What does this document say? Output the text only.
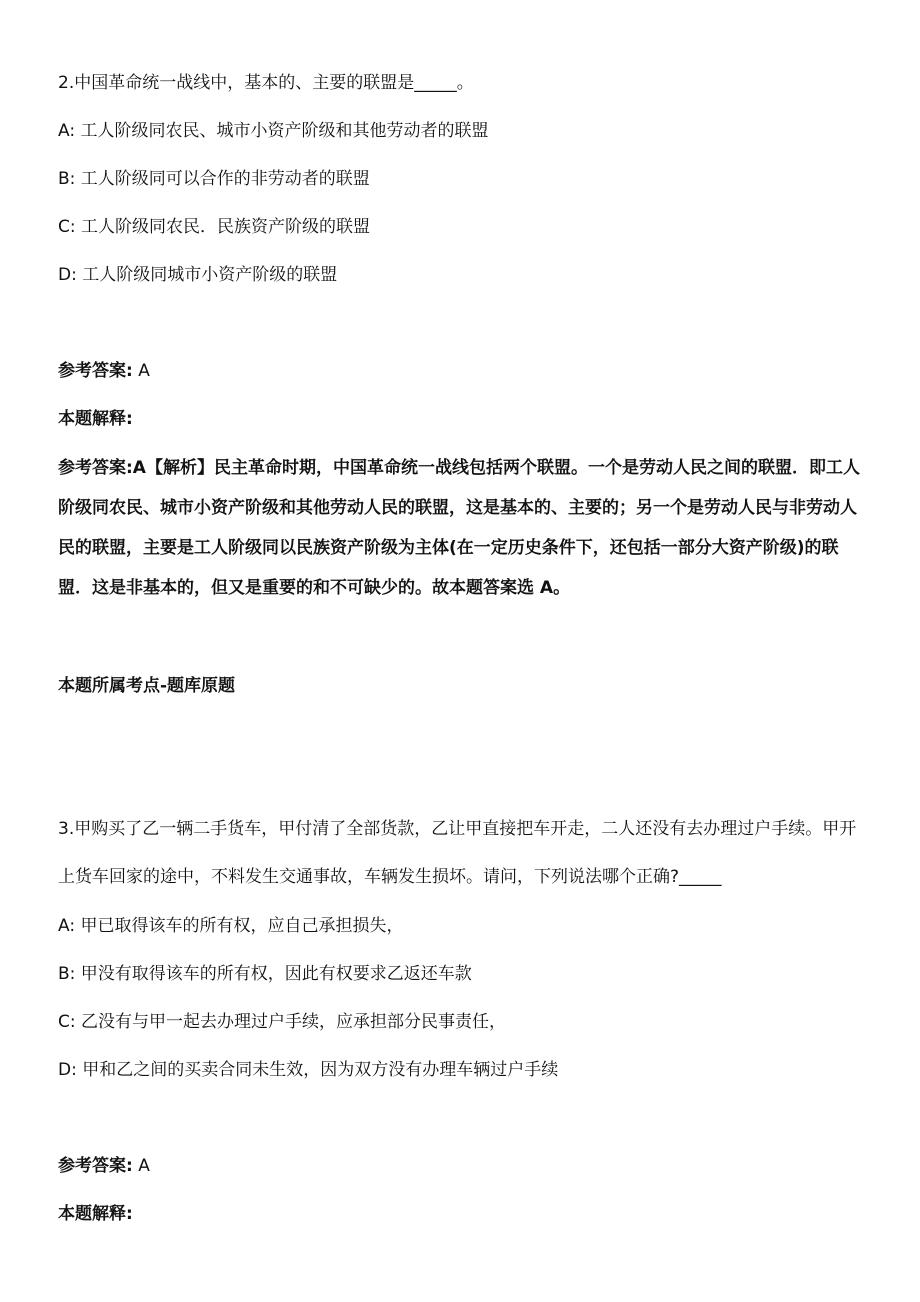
2.中国革命统一战线中，基本的、主要的联盟是_____。
A: 工人阶级同农民、城市小资产阶级和其他劳动者的联盟
B: 工人阶级同可以合作的非劳动者的联盟
C: 工人阶级同农民．民族资产阶级的联盟
D: 工人阶级同城市小资产阶级的联盟
参考答案: A
本题解释:
参考答案:A【解析】民主革命时期，中国革命统一战线包括两个联盟。一个是劳动人民之间的联盟．即工人阶级同农民、城市小资产阶级和其他劳动人民的联盟，这是基本的、主要的；另一个是劳动人民与非劳动人民的联盟，主要是工人阶级同以民族资产阶级为主体(在一定历史条件下，还包括一部分大资产阶级)的联盟．这是非基本的，但又是重要的和不可缺少的。故本题答案选 A。
本题所属考点-题库原题
3.甲购买了乙一辆二手货车，甲付清了全部货款，乙让甲直接把车开走，二人还没有去办理过户手续。甲开上货车回家的途中，不料发生交通事故，车辆发生损坏。请问，下列说法哪个正确?_____
A: 甲已取得该车的所有权，应自己承担损失，
B: 甲没有取得该车的所有权，因此有权要求乙返还车款
C: 乙没有与甲一起去办理过户手续，应承担部分民事责任，
D: 甲和乙之间的买卖合同未生效，因为双方没有办理车辆过户手续
参考答案: A
本题解释:
